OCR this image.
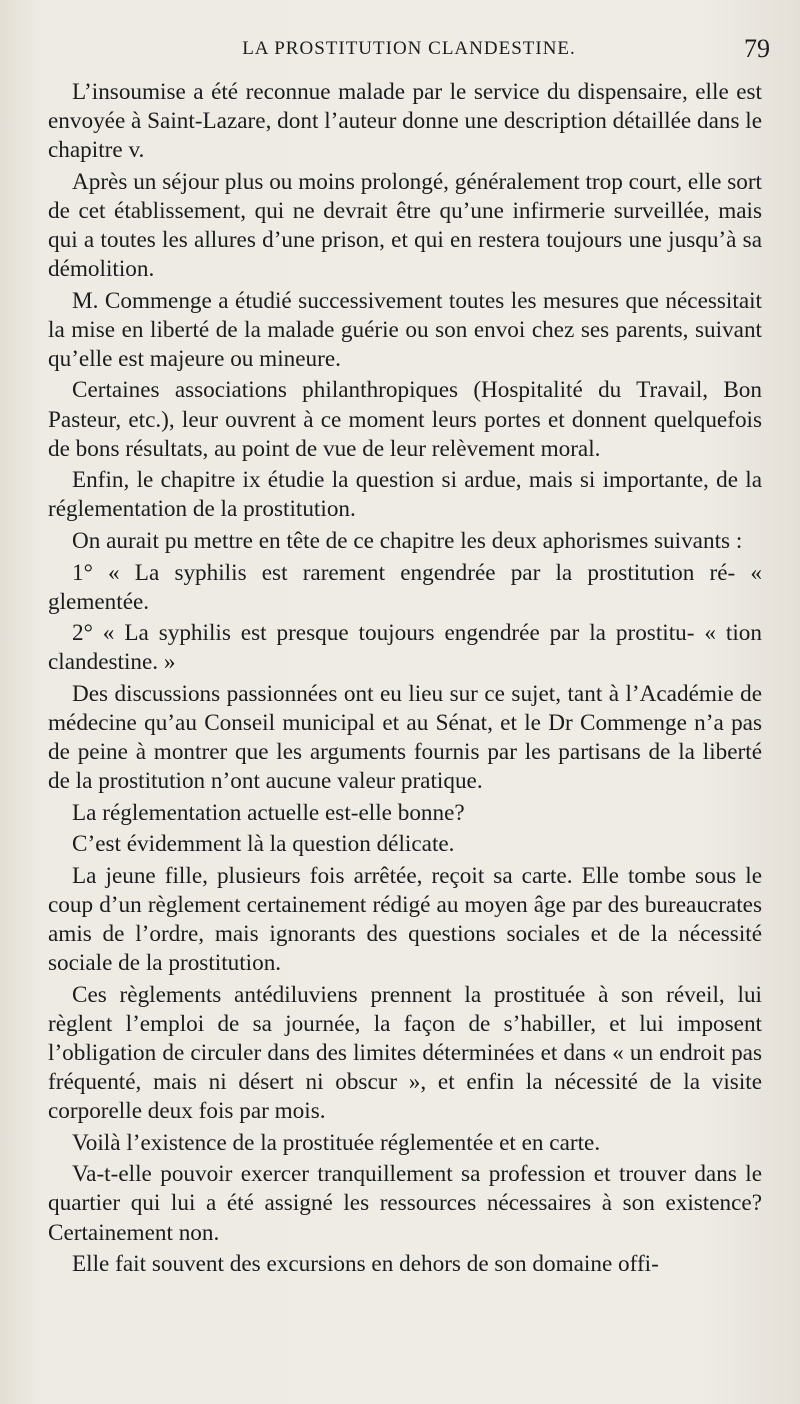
LA PROSTITUTION CLANDESTINE.	79

L’insoumise a été reconnue malade par le service du dispensaire, elle est envoyée à Saint-Lazare, dont l’auteur donne une description détaillée dans le chapitre v.

Après un séjour plus ou moins prolongé, généralement trop court, elle sort de cet établissement, qui ne devrait être qu’une infirmerie surveillée, mais qui a toutes les allures d’une prison, et qui en restera toujours une jusqu’à sa démolition.

M. Commenge a étudié successivement toutes les mesures que nécessitait la mise en liberté de la malade guérie ou son envoi chez ses parents, suivant qu’elle est majeure ou mineure.

Certaines associations philanthropiques (Hospitalité du Travail, Bon Pasteur, etc.), leur ouvrent à ce moment leurs portes et donnent quelquefois de bons résultats, au point de vue de leur relèvement moral.

Enfin, le chapitre ix étudie la question si ardue, mais si importante, de la réglementation de la prostitution.

On aurait pu mettre en tête de ce chapitre les deux aphorismes suivants :

1° « La syphilis est rarement engendrée par la prostitution ré- « glementée.

2° « La syphilis est presque toujours engendrée par la prostitu- « tion clandestine. »

Des discussions passionnées ont eu lieu sur ce sujet, tant à l’Académie de médecine qu’au Conseil municipal et au Sénat, et le Dr Commenge n’a pas de peine à montrer que les arguments fournis par les partisans de la liberté de la prostitution n’ont aucune valeur pratique.

La réglementation actuelle est-elle bonne?

C’est évidemment là la question délicate.

La jeune fille, plusieurs fois arrêtée, reçoit sa carte. Elle tombe sous le coup d’un règlement certainement rédigé au moyen âge par des bureaucrates amis de l’ordre, mais ignorants des questions sociales et de la nécessité sociale de la prostitution.

Ces règlements antédiluviens prennent la prostituée à son réveil, lui règlent l’emploi de sa journée, la façon de s’habiller, et lui imposent l’obligation de circuler dans des limites déterminées et dans « un endroit pas fréquenté, mais ni désert ni obscur », et enfin la nécessité de la visite corporelle deux fois par mois.

Voilà l’existence de la prostituée réglementée et en carte.

Va-t-elle pouvoir exercer tranquillement sa profession et trouver dans le quartier qui lui a été assigné les ressources nécessaires à son existence? Certainement non.

Elle fait souvent des excursions en dehors de son domaine offi-
